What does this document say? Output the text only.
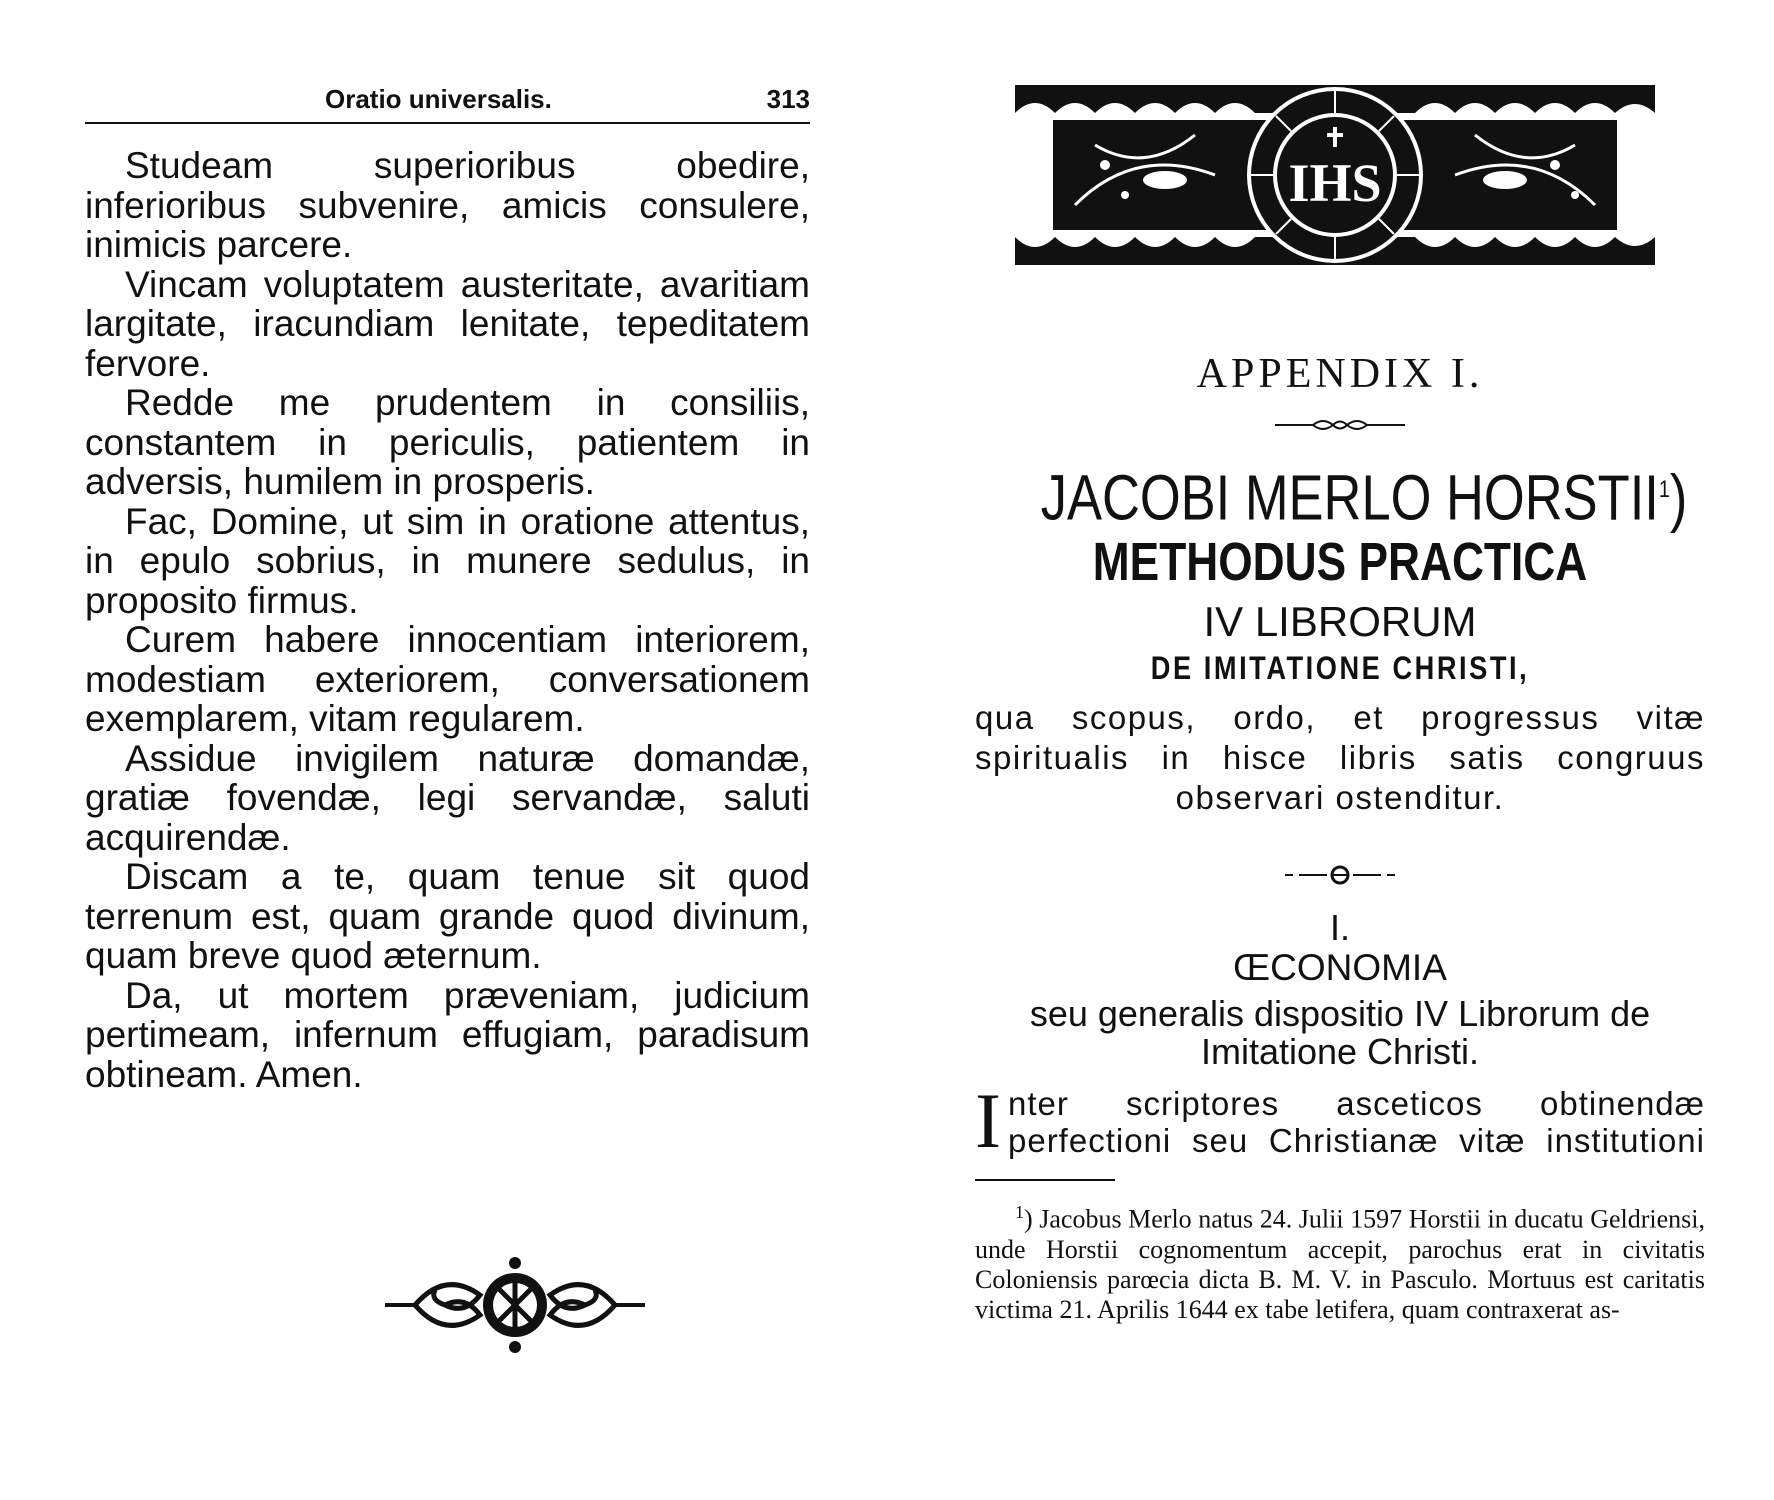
Oratio universalis.	313

Studeam superioribus obedire, inferioribus subvenire, amicis consulere, inimicis parcere.

Vincam voluptatem austeritate, avaritiam largitate, iracundiam lenitate, tepeditatem fervore.

Redde me prudentem in consiliis, constantem in periculis, patientem in adversis, humilem in prosperis.

Fac, Domine, ut sim in oratione attentus, in epulo sobrius, in munere sedulus, in proposito firmus.

Curem habere innocentiam interiorem, modestiam exteriorem, conversationem exemplarem, vitam regularem.

Assidue invigilem naturæ domandæ, gratiæ fovendæ, legi servandæ, saluti acquirendæ.

Discam a te, quam tenue sit quod terrenum est, quam grande quod divinum, quam breve quod æternum.

Da, ut mortem præveniam, judicium pertimeam, infernum effugiam, paradisum obtineam. Amen.

IHS
APPENDIX I.
JACOBI MERLO HORSTII$^1$)
METHODUS PRACTICA
IV LIBRORUM
DE IMITATIONE CHRISTI,
qua scopus, ordo, et progressus vitæ spiritualis in hisce libris satis congruus observari ostenditur.
I.
ŒCONOMIA
seu generalis dispositio IV Librorum de Imitatione Christi.
I nter scriptores asceticos obtinendæ perfectioni seu Christianæ vitæ institutioni
$^1$) Jacobus Merlo natus 24. Julii 1597 Horstii in ducatu Geldriensi, unde Horstii cognomentum accepit, parochus erat in civitatis Coloniensis parœcia dicta B. M. V. in Pasculo. Mortuus est caritatis victima 21. Aprilis 1644 ex tabe letifera, quam contraxerat as-
